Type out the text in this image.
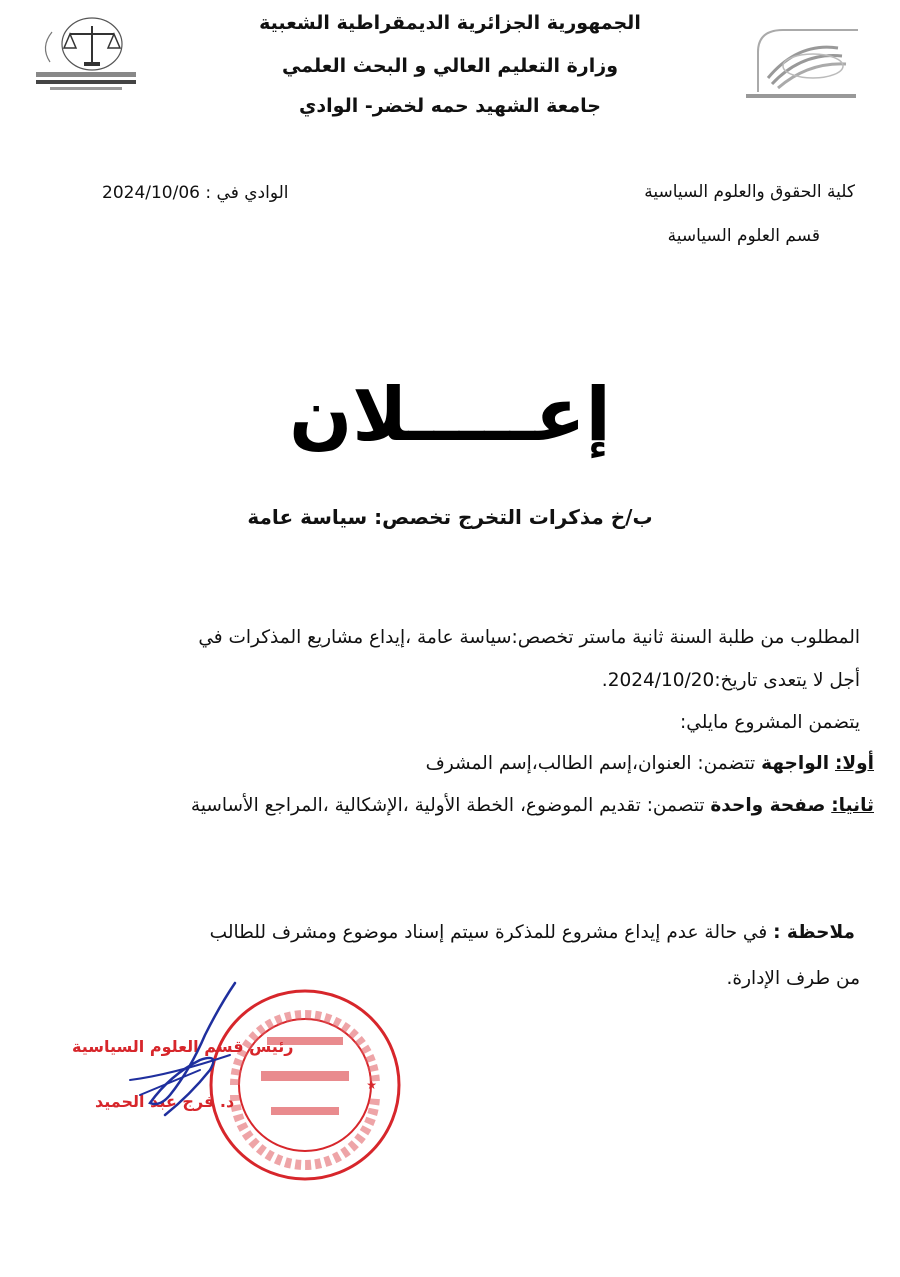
الجمهورية الجزائرية الديمقراطية الشعبية
وزارة التعليم العالي و البحث العلمي
جامعة الشهيد حمه لخضر- الوادي
كلية الحقوق والعلوم السياسية
قسم العلوم السياسية
2024/10/06 الوادي في :
إعـــــلان
ب/خ مذكرات التخرج تخصص: سياسة عامة
المطلوب من طلبة السنة ثانية ماستر تخصص:سياسة عامة ،إيداع مشاريع المذكرات في
أجل لا يتعدى تاريخ:2024/10/20.
يتضمن المشروع مايلي:
أولا: الواجهة تتضمن: العنوان،إسم الطالب،إسم المشرف
ثانيا: صفحة واحدة تتصمن: تقديم الموضوع، الخطة الأولية ،الإشكالية ،المراجع الأساسية
ملاحظة : في حالة عدم إيداع مشروع للمذكرة سيتم إسناد موضوع ومشرف للطالب
من طرف الإدارة.
★
رئيس قسم العلوم السياسية
د. فرج عبد الحميد
